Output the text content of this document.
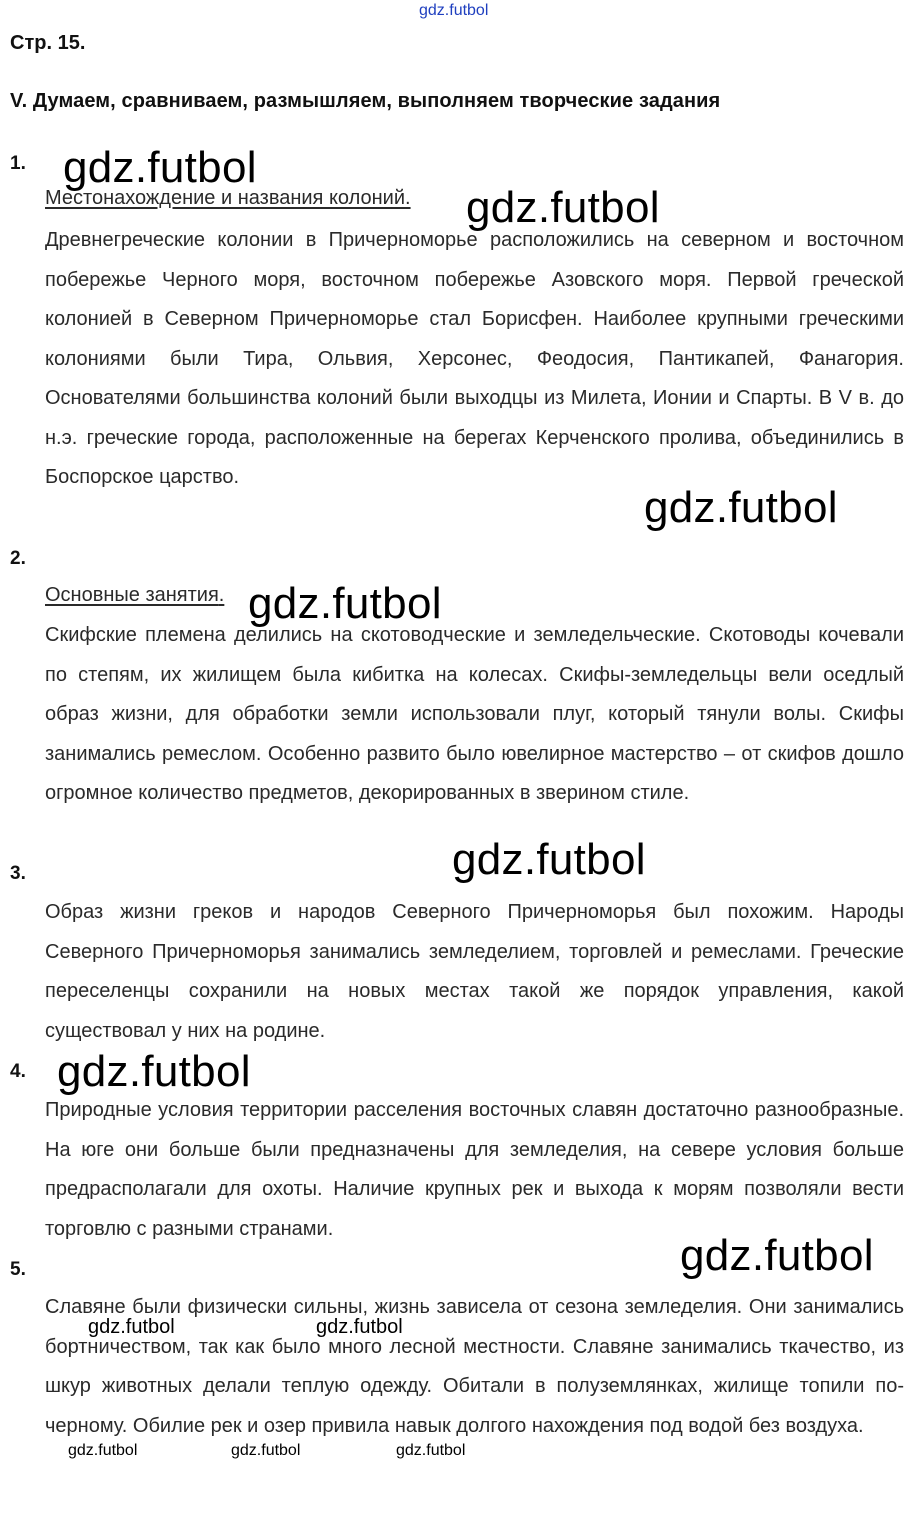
gdz.futbol
Стр. 15.
V. Думаем, сравниваем, размышляем, выполняем творческие задания
1.
Местонахождение и названия колоний.
Древнегреческие колонии в Причерноморье расположились на северном и восточном побережье Черного моря, восточном побережье Азовского моря. Первой греческой колонией в Северном Причерноморье стал Борисфен. Наиболее крупными греческими колониями были Тира, Ольвия, Херсонес, Феодосия, Пантикапей, Фанагория. Основателями большинства колоний были выходцы из Милета, Ионии и Спарты. В V в. до н.э. греческие города, расположенные на берегах Керченского пролива, объединились в Боспорское царство.
2.
Основные занятия.
Скифские племена делились на скотоводческие и земледельческие. Скотоводы кочевали по степям, их жилищем была кибитка на колесах. Скифы-земледельцы вели оседлый образ жизни, для обработки земли использовали плуг, который тянули волы. Скифы занимались ремеслом. Особенно развито было ювелирное мастерство – от скифов дошло огромное количество предметов, декорированных в зверином стиле.
3.
Образ жизни греков и народов Северного Причерноморья был похожим. Народы Северного Причерноморья занимались земледелием, торговлей и ремеслами. Греческие переселенцы сохранили на новых местах такой же порядок управления, какой существовал у них на родине.
4.
Природные условия территории расселения восточных славян достаточно разнообразные. На юге они больше были предназначены для земледелия, на севере условия больше предрасполагали для охоты. Наличие крупных рек и выхода к морям позволяли вести торговлю с разными странами.
5.
Славяне были физически сильны, жизнь зависела от сезона земледелия. Они занимались бортничеством, так как было много лесной местности. Славяне занимались ткачество, из шкур животных делали теплую одежду. Обитали в полуземлянках, жилище топили по-черному. Обилие рек и озер привила навык долгого нахождения под водой без воздуха.
gdz.futbol
gdz.futbol
gdz.futbol
gdz.futbol
gdz.futbol
gdz.futbol
gdz.futbol
gdz.futbol	gdz.futbol
gdz.futbol	gdz.futbol	gdz.futbol
